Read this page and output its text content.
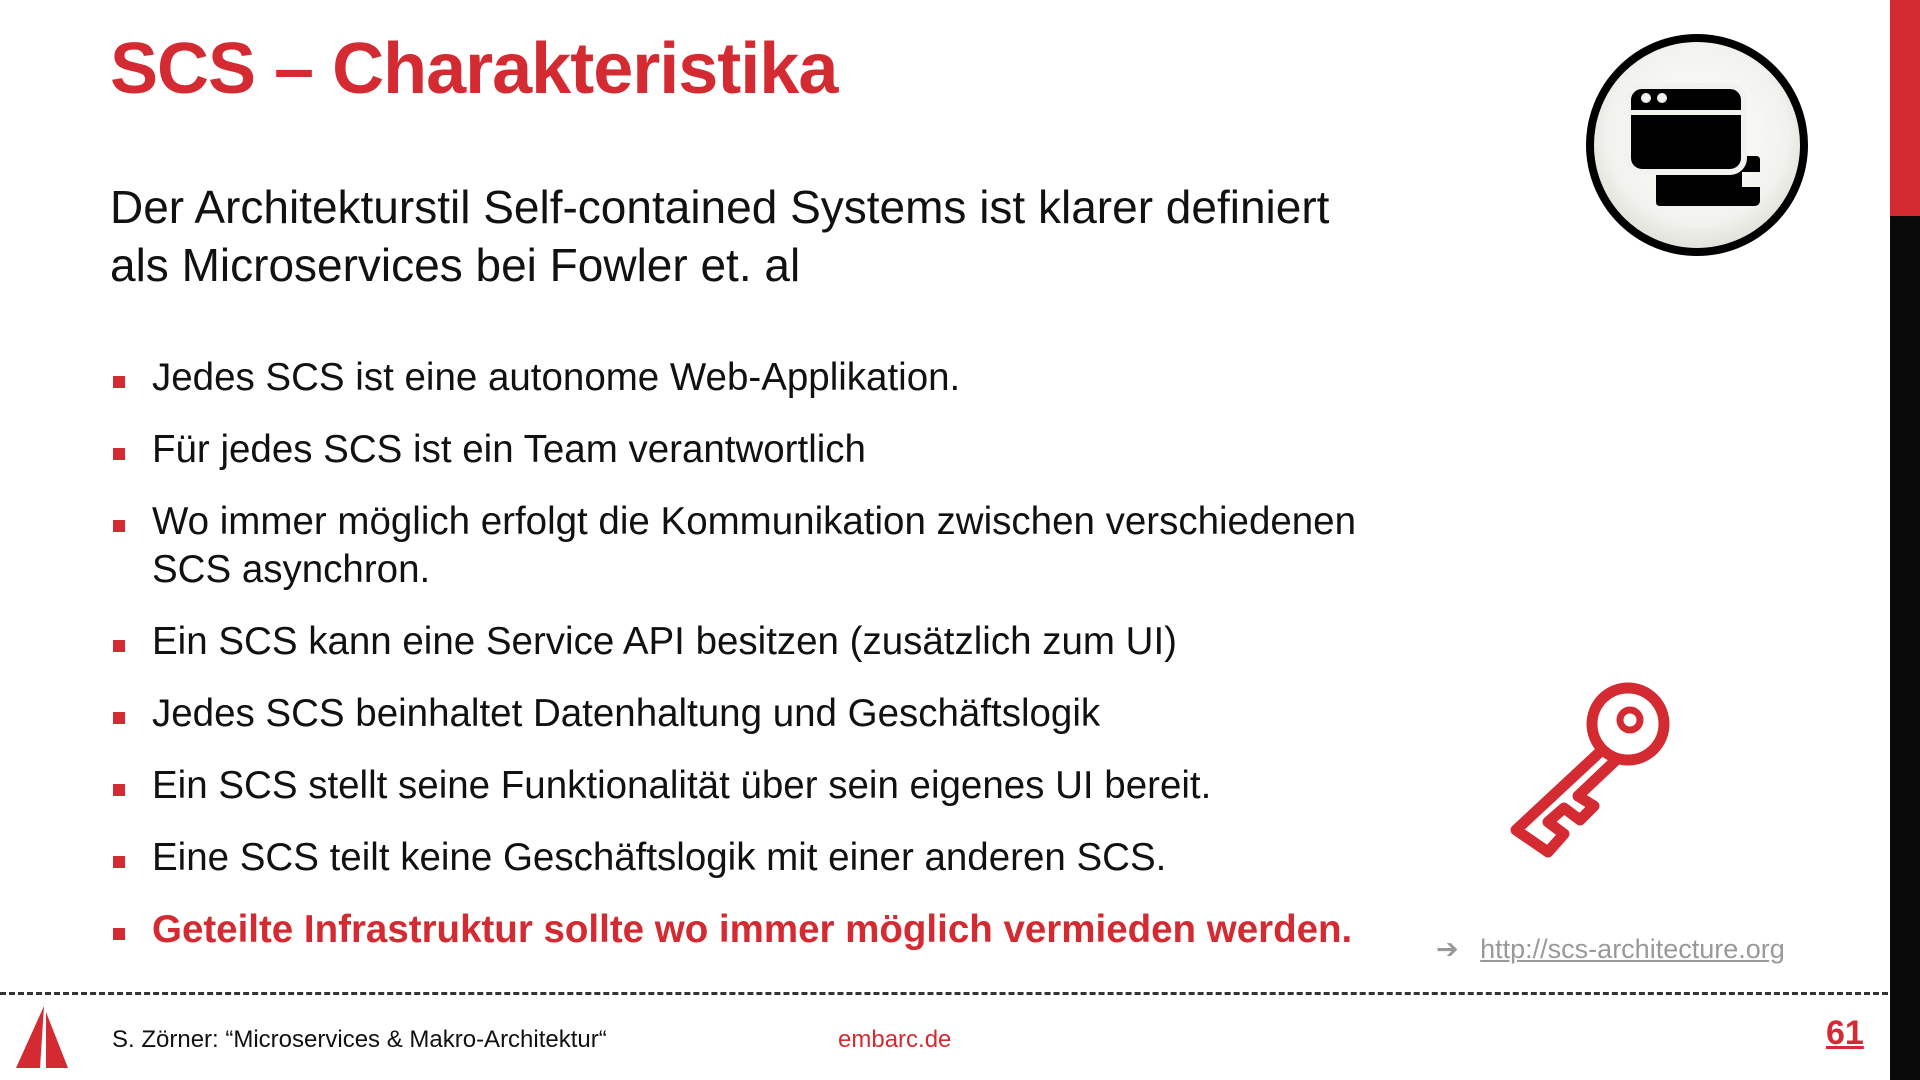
SCS – Charakteristika
Der Architekturstil Self-contained Systems ist klarer definiert
als Microservices bei Fowler et. al
Jedes SCS ist eine autonome Web-Applikation.
Für jedes SCS ist ein Team verantwortlich
Wo immer möglich erfolgt die Kommunikation zwischen verschiedenen SCS asynchron.
Ein SCS kann eine Service API besitzen (zusätzlich zum UI)
Jedes SCS beinhaltet Datenhaltung und Geschäftslogik
Ein SCS stellt seine Funktionalität über sein eigenes UI bereit.
Eine SCS teilt keine Geschäftslogik mit einer anderen SCS.
Geteilte Infrastruktur sollte wo immer möglich vermieden werden.	➔ http://scs-architecture.org
S. Zörner: “Microservices & Makro-Architektur“	embarc.de	61
